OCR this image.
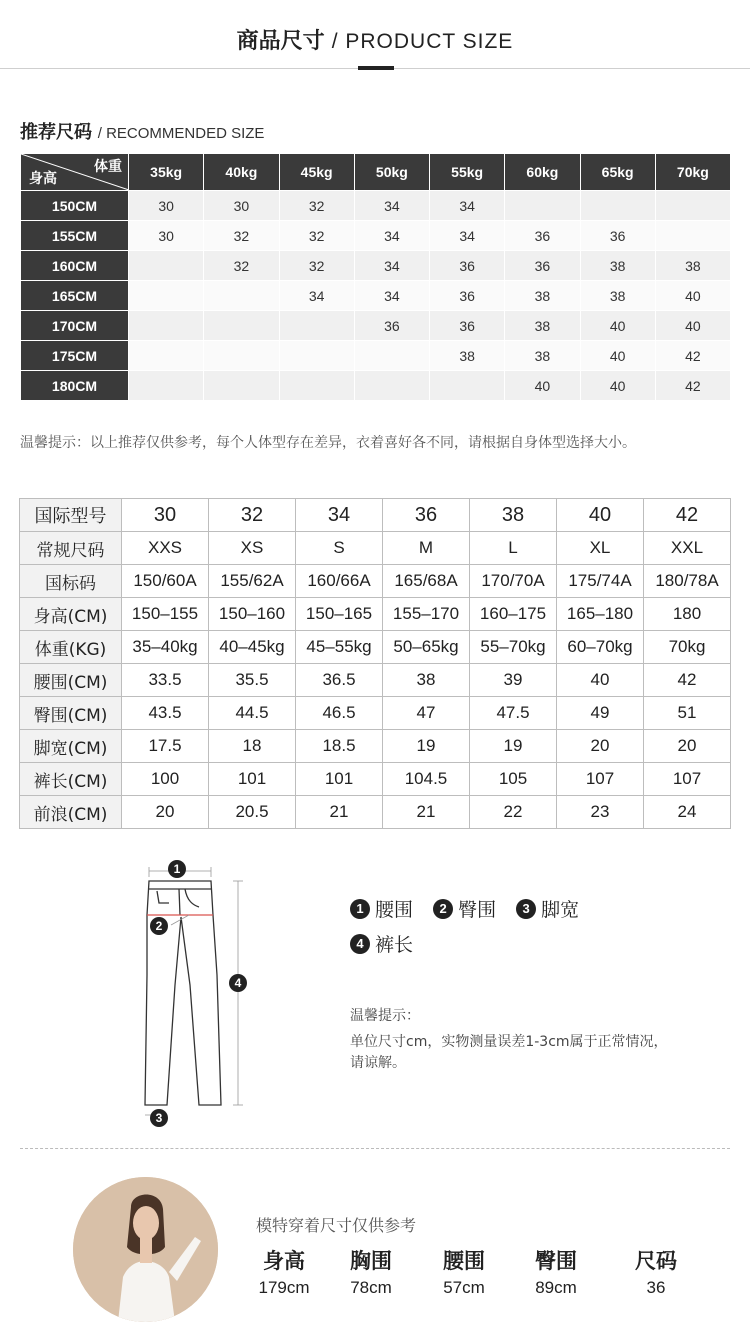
商品尺寸 / PRODUCT SIZE
推荐尺码 / RECOMMENDED SIZE
体重
身高	35kg	40kg	45kg	50kg	55kg	60kg	65kg	70kg
150CM	30	30	32	34	34			
155CM	30	32	32	34	34	36	36	
160CM		32	32	34	36	36	38	38
165CM			34	34	36	38	38	40
170CM				36	36	38	40	40
175CM					38	38	40	42
180CM						40	40	42
温馨提示：以上推荐仅供参考，每个人体型存在差异，衣着喜好各不同，请根据自身体型选择大小。
国际型号	30	32	34	36	38	40	42
常规尺码	XXS	XS	S	M	L	XL	XXL
国标码	150/60A	155/62A	160/66A	165/68A	170/70A	175/74A	180/78A
身高(CM)	150–155	150–160	150–165	155–170	160–175	165–180	180
体重(KG)	35–40kg	40–45kg	45–55kg	50–65kg	55–70kg	60–70kg	70kg
腰围(CM)	33.5	35.5	36.5	38	39	40	42
臀围(CM)	43.5	44.5	46.5	47	47.5	49	51
脚宽(CM)	17.5	18	18.5	19	19	20	20
裤长(CM)	100	101	101	104.5	105	107	107
前浪(CM)	20	20.5	21	21	22	23	24
1
2
3
4
1 腰围 2 臀围 3 脚宽
4 裤长
温馨提示：
单位尺寸cm，实物测量误差1-3cm属于正常情况，请谅解。
模特穿着尺寸仅供参考
身高	胸围	腰围	臀围	尺码
179cm	78cm	57cm	89cm	36
